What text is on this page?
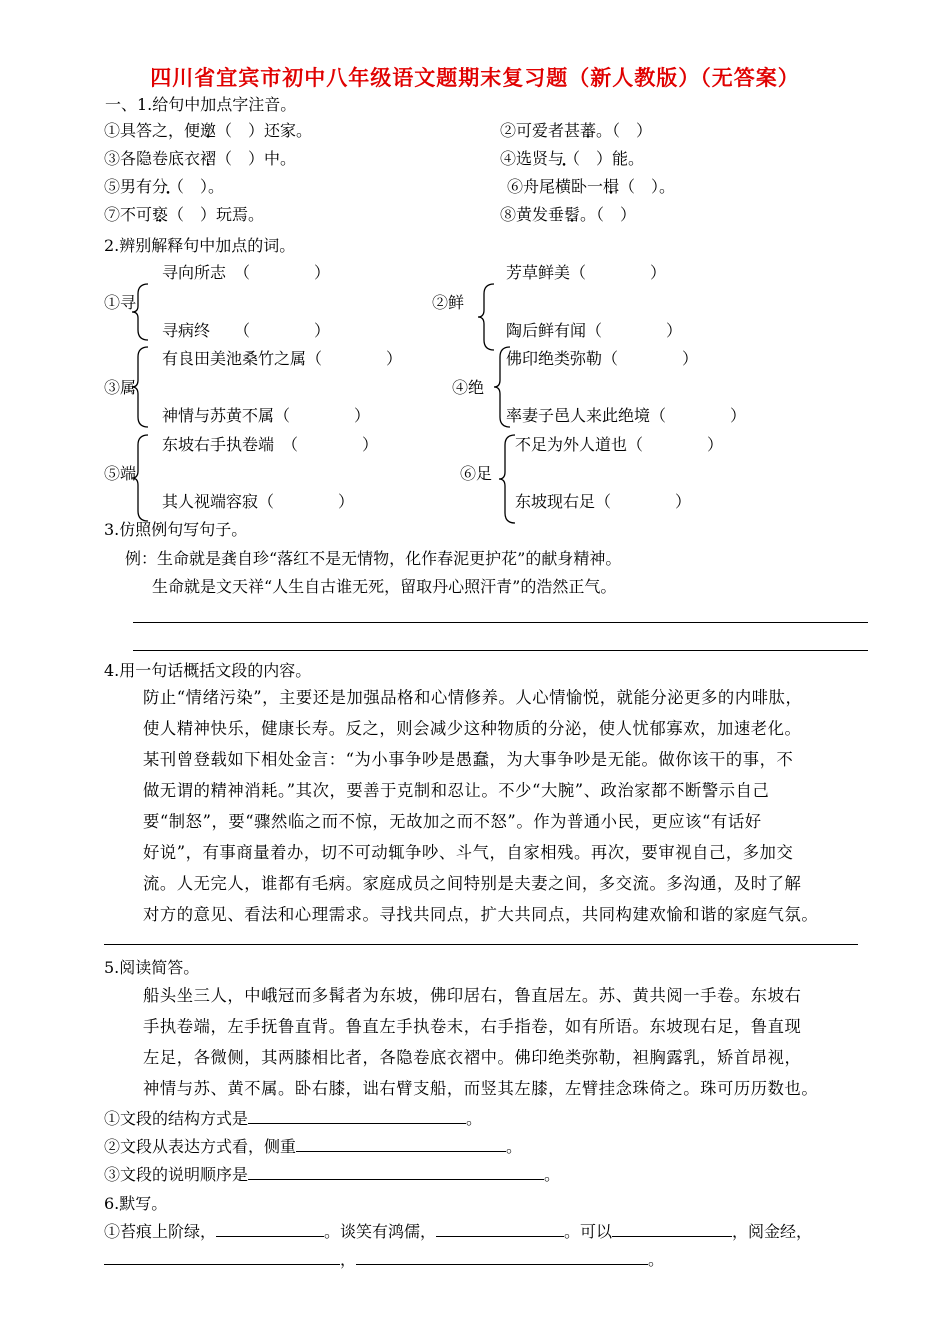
四川省宜宾市初中八年级语文题期末复习题（新人教版）（无答案）
一、1.给句中加点字注音。
①具答之，便邀（　）还家。	②可爱者甚蕃。（　）
③各隐卷底衣褶（　）中。	④选贤与（　）能。
⑤男有分（　）。	⑥舟尾横卧一楫（　）。
⑦不可亵（　）玩焉。	⑧黄发垂髫。（　）
2.辨别解释句中加点的词。
①寻
寻向所志　（　　　　）
寻病终　　（　　　　）
②鲜
芳草鲜美（　　　　）
陶后鲜有闻（　　　　）
③属
有良田美池桑竹之属（　　　　）
神情与苏黄不属（　　　　）
④绝
佛印绝类弥勒（　　　　）
率妻子邑人来此绝境（　　　　）
⑤端
东坡右手执卷端　（　　　　）
其人视端容寂（　　　　）
⑥足
不足为外人道也（　　　　）
东坡现右足（　　　　）
3.仿照例句写句子。
例：生命就是龚自珍“落红不是无情物，化作春泥更护花”的献身精神。
生命就是文天祥“人生自古谁无死，留取丹心照汗青”的浩然正气。
4.用一句话概括文段的内容。
防止“情绪污染”，主要还是加强品格和心情修养。人心情愉悦，就能分泌更多的内啡肽，
使人精神快乐，健康长寿。反之，则会减少这种物质的分泌，使人忧郁寡欢，加速老化。
某刊曾登载如下相处金言：“为小事争吵是愚蠢，为大事争吵是无能。做你该干的事，不
做无谓的精神消耗。”其次，要善于克制和忍让。不少“大腕”、政治家都不断警示自己
要“制怒”，要“骤然临之而不惊，无故加之而不怒”。作为普通小民，更应该“有话好
好说”，有事商量着办，切不可动辄争吵、斗气，自家相残。再次，要审视自己，多加交
流。人无完人，谁都有毛病。家庭成员之间特别是夫妻之间，多交流。多沟通，及时了解
对方的意见、看法和心理需求。寻找共同点，扩大共同点，共同构建欢愉和谐的家庭气氛。
5.阅读简答。
船头坐三人，中峨冠而多髯者为东坡，佛印居右，鲁直居左。苏、黄共阅一手卷。东坡右
手执卷端，左手抚鲁直背。鲁直左手执卷末，右手指卷，如有所语。东坡现右足，鲁直现
左足，各微侧，其两膝相比者，各隐卷底衣褶中。佛印绝类弥勒，袒胸露乳，矫首昂视，
神情与苏、黄不属。卧右膝，诎右臂支船，而竖其左膝，左臂挂念珠倚之。珠可历历数也。
①文段的结构方式是	。
②文段从表达方式看，侧重	。
③文段的说明顺序是	。
6.默写。
①苔痕上阶绿，	。谈笑有鸿儒，	。可以	，阅金经，
，	。
